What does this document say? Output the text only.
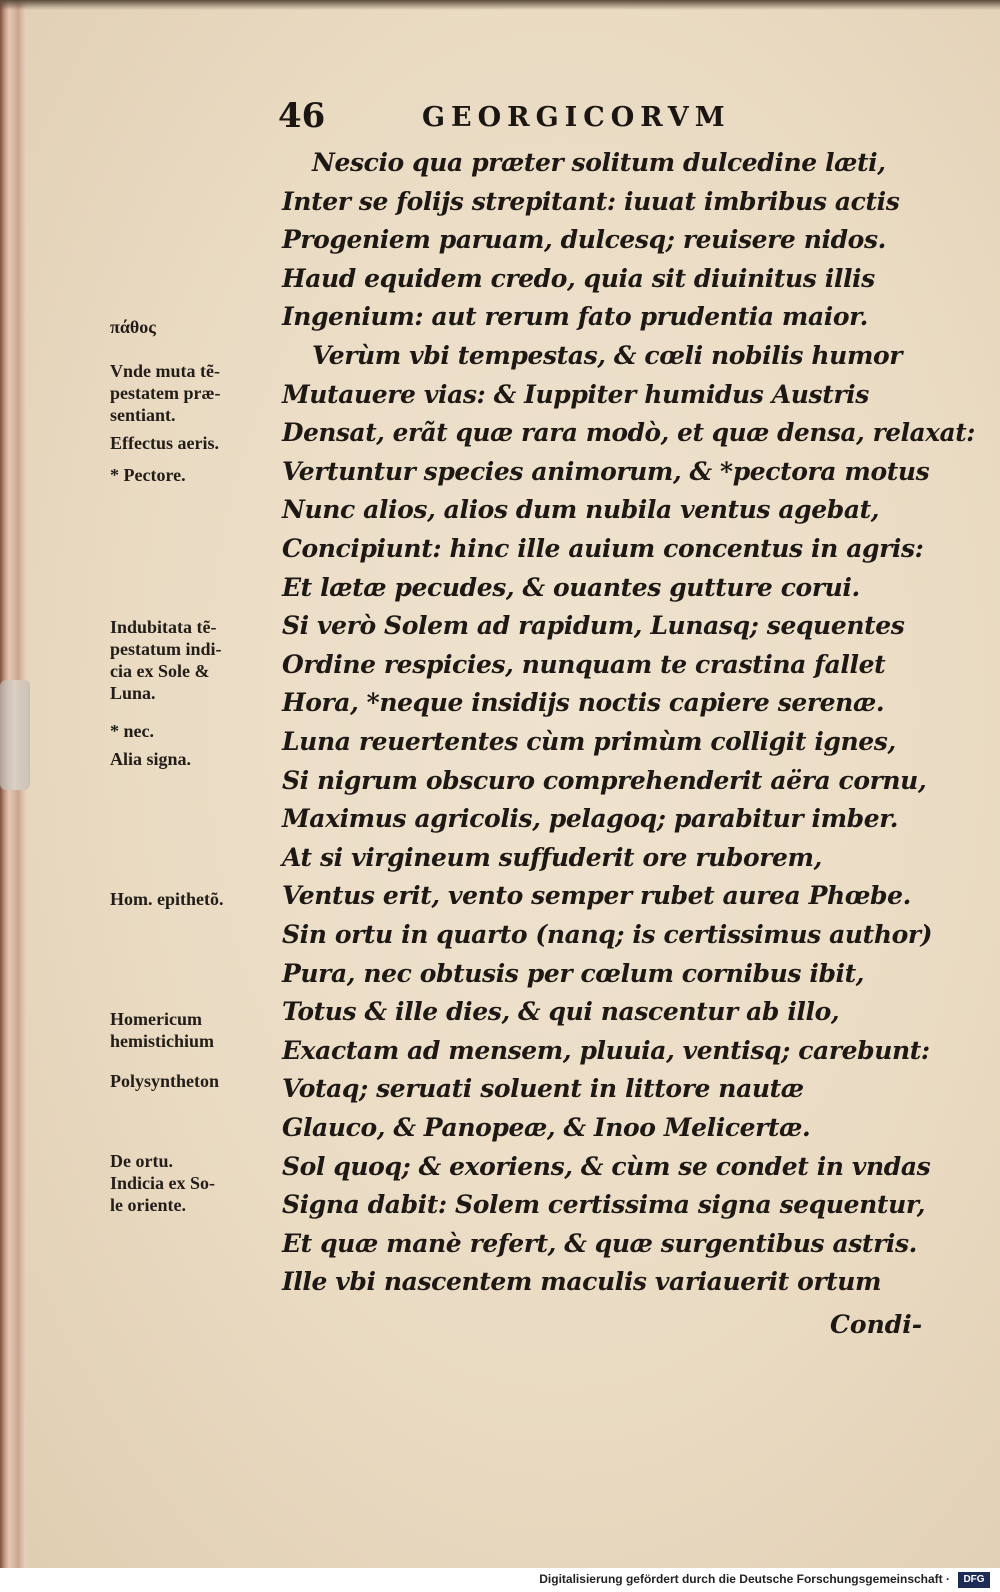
46	GEORGICORVM
πάθος
Vnde muta tẽ-
pestatem præ-
sentiant.
Effectus aeris.
* Pectore.
Indubitata tẽ-
pestatum indi-
cia ex Sole &
Luna.
* nec.
Alia signa.
Hom. epithetõ.
Homericum
hemistichium
Polysyntheton
De ortu.
Indicia ex So-
le oriente.
Nescio qua præter solitum dulcedine læti,
Inter se folijs strepitant: iuuat imbribus actis
Progeniem paruam, dulcesq; reuisere nidos.
Haud equidem credo, quia sit diuinitus illis
Ingenium: aut rerum fato prudentia maior.
Verùm vbi tempestas, & cœli nobilis humor
Mutauere vias: & Iuppiter humidus Austris
Densat, erãt quæ rara modò, et quæ densa, relaxat:
Vertuntur species animorum, & *pectora motus
Nunc alios, alios dum nubila ventus agebat,
Concipiunt: hinc ille auium concentus in agris:
Et lætæ pecudes, & ouantes gutture corui.
Si verò Solem ad rapidum, Lunasq; sequentes
Ordine respicies, nunquam te crastina fallet
Hora, *neque insidijs noctis capiere serenæ.
Luna reuertentes cùm primùm colligit ignes,
Si nigrum obscuro comprehenderit aëra cornu,
Maximus agricolis, pelagoq; parabitur imber.
At si virgineum suffuderit ore ruborem,
Ventus erit, vento semper rubet aurea Phœbe.
Sin ortu in quarto (nanq; is certissimus author)
Pura, nec obtusis per cœlum cornibus ibit,
Totus & ille dies, & qui nascentur ab illo,
Exactam ad mensem, pluuia, ventisq; carebunt:
Votaq; seruati soluent in littore nautæ
Glauco, & Panopeæ, & Inoo Melicertæ.
Sol quoq; & exoriens, & cùm se condet in vndas
Signa dabit: Solem certissima signa sequentur,
Et quæ manè refert, & quæ surgentibus astris.
Ille vbi nascentem maculis variauerit ortum
Condi-
Digitalisierung gefördert durch die Deutsche Forschungsgemeinschaft ·	DFG
